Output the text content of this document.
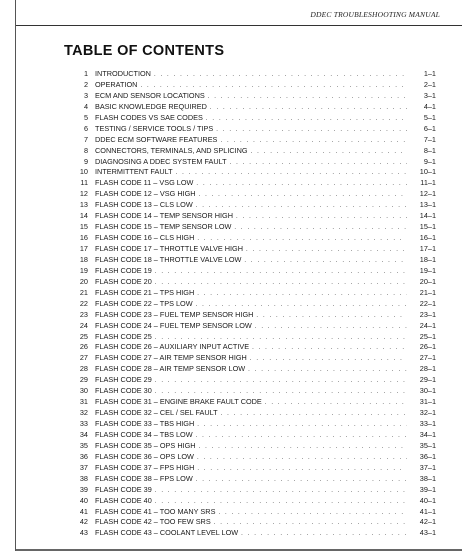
DDEC TROUBLESHOOTING MANUAL
TABLE OF CONTENTS
1 INTRODUCTION . . .	1–1
2 OPERATION . . .	2–1
3 ECM AND SENSOR LOCATIONS . . .	3–1
4 BASIC KNOWLEDGE REQUIRED . . .	4–1
5 FLASH CODES VS SAE CODES . . .	5–1
6 TESTING / SERVICE TOOLS / TIPS . . .	6–1
7 DDEC ECM SOFTWARE FEATURES . . .	7–1
8 CONNECTORS, TERMINALS, AND SPLICING . . .	8–1
9 DIAGNOSING A DDEC SYSTEM FAULT . . .	9–1
10 INTERMITTENT FAULT . . .	10–1
11 FLASH CODE 11 – VSG LOW . . .	11–1
12 FLASH CODE 12 – VSG HIGH . . .	12–1
13 FLASH CODE 13 – CLS LOW . . .	13–1
14 FLASH CODE 14 – TEMP SENSOR HIGH . . .	14–1
15 FLASH CODE 15 – TEMP SENSOR LOW . . .	15–1
16 FLASH CODE 16 – CLS HIGH . . .	16–1
17 FLASH CODE 17 – THROTTLE VALVE HIGH . . .	17–1
18 FLASH CODE 18 – THROTTLE VALVE LOW . . .	18–1
19 FLASH CODE 19 . . .	19–1
20 FLASH CODE 20 . . .	20–1
21 FLASH CODE 21 – TPS HIGH . . .	21–1
22 FLASH CODE 22 – TPS LOW . . .	22–1
23 FLASH CODE 23 – FUEL TEMP SENSOR HIGH . . .	23–1
24 FLASH CODE 24 – FUEL TEMP SENSOR LOW . . .	24–1
25 FLASH CODE 25 . . .	25–1
26 FLASH CODE 26 – AUXILIARY INPUT ACTIVE . . .	26–1
27 FLASH CODE 27 – AIR TEMP SENSOR HIGH . . .	27–1
28 FLASH CODE 28 – AIR TEMP SENSOR LOW . . .	28–1
29 FLASH CODE 29 . . .	29–1
30 FLASH CODE 30 . . .	30–1
31 FLASH CODE 31 – ENGINE BRAKE FAULT CODE . . .	31–1
32 FLASH CODE 32 – CEL / SEL FAULT . . .	32–1
33 FLASH CODE 33 – TBS HIGH . . .	33–1
34 FLASH CODE 34 – TBS LOW . . .	34–1
35 FLASH CODE 35 – OPS HIGH . . .	35–1
36 FLASH CODE 36 – OPS LOW . . .	36–1
37 FLASH CODE 37 – FPS HIGH . . .	37–1
38 FLASH CODE 38 – FPS LOW . . .	38–1
39 FLASH CODE 39 . . .	39–1
40 FLASH CODE 40 . . .	40–1
41 FLASH CODE 41 – TOO MANY SRS . . .	41–1
42 FLASH CODE 42 – TOO FEW SRS . . .	42–1
43 FLASH CODE 43 – COOLANT LEVEL LOW . . .	43–1
